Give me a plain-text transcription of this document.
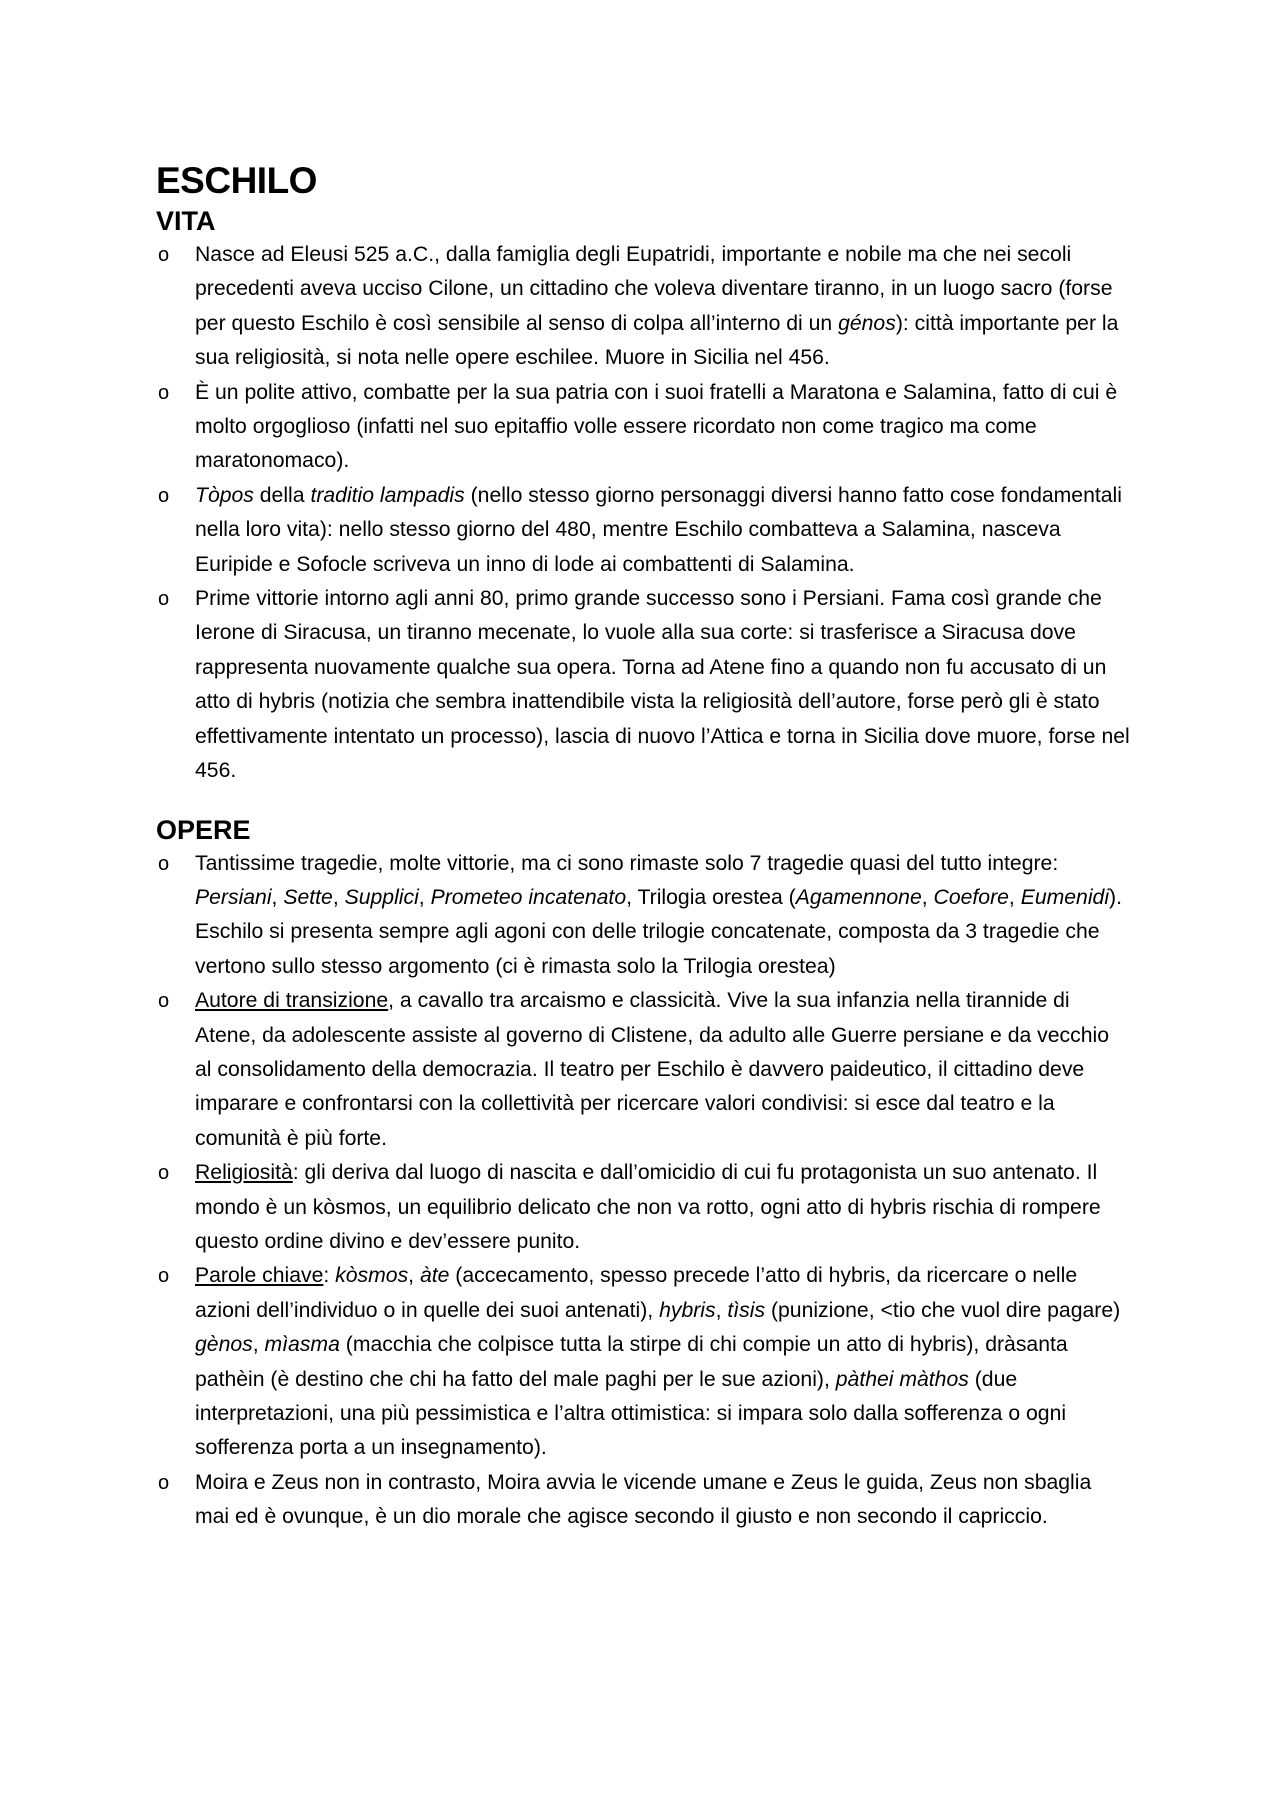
ESCHILO
VITA
o Nasce ad Eleusi 525 a.C., dalla famiglia degli Eupatridi, importante e nobile ma che nei secoli precedenti aveva ucciso Cilone, un cittadino che voleva diventare tiranno, in un luogo sacro (forse per questo Eschilo è così sensibile al senso di colpa all’interno di un génos): città importante per la sua religiosità, si nota nelle opere eschilee. Muore in Sicilia nel 456.
o È un polite attivo, combatte per la sua patria con i suoi fratelli a Maratona e Salamina, fatto di cui è molto orgoglioso (infatti nel suo epitaffio volle essere ricordato non come tragico ma come maratonomaco).
o Tòpos della traditio lampadis (nello stesso giorno personaggi diversi hanno fatto cose fondamentali nella loro vita): nello stesso giorno del 480, mentre Eschilo combatteva a Salamina, nasceva Euripide e Sofocle scriveva un inno di lode ai combattenti di Salamina.
o Prime vittorie intorno agli anni 80, primo grande successo sono i Persiani. Fama così grande che Ierone di Siracusa, un tiranno mecenate, lo vuole alla sua corte: si trasferisce a Siracusa dove rappresenta nuovamente qualche sua opera. Torna ad Atene fino a quando non fu accusato di un atto di hybris (notizia che sembra inattendibile vista la religiosità dell’autore, forse però gli è stato effettivamente intentato un processo), lascia di nuovo l’Attica e torna in Sicilia dove muore, forse nel 456.
OPERE
o Tantissime tragedie, molte vittorie, ma ci sono rimaste solo 7 tragedie quasi del tutto integre: Persiani, Sette, Supplici, Prometeo incatenato, Trilogia orestea (Agamennone, Coefore, Eumenidi). Eschilo si presenta sempre agli agoni con delle trilogie concatenate, composta da 3 tragedie che vertono sullo stesso argomento (ci è rimasta solo la Trilogia orestea)
o Autore di transizione, a cavallo tra arcaismo e classicità. Vive la sua infanzia nella tirannide di Atene, da adolescente assiste al governo di Clistene, da adulto alle Guerre persiane e da vecchio al consolidamento della democrazia. Il teatro per Eschilo è davvero paideutico, il cittadino deve imparare e confrontarsi con la collettività per ricercare valori condivisi: si esce dal teatro e la comunità è più forte.
o Religiosità: gli deriva dal luogo di nascita e dall’omicidio di cui fu protagonista un suo antenato. Il mondo è un kòsmos, un equilibrio delicato che non va rotto, ogni atto di hybris rischia di rompere questo ordine divino e dev’essere punito.
o Parole chiave: kòsmos, àte (accecamento, spesso precede l’atto di hybris, da ricercare o nelle azioni dell’individuo o in quelle dei suoi antenati), hybris, tìsis (punizione, <tio che vuol dire pagare) gènos, mìasma (macchia che colpisce tutta la stirpe di chi compie un atto di hybris), dràsanta pathèin (è destino che chi ha fatto del male paghi per le sue azioni), pàthei màthos (due interpretazioni, una più pessimistica e l’altra ottimistica: si impara solo dalla sofferenza o ogni sofferenza porta a un insegnamento).
o Moira e Zeus non in contrasto, Moira avvia le vicende umane e Zeus le guida, Zeus non sbaglia mai ed è ovunque, è un dio morale che agisce secondo il giusto e non secondo il capriccio.
